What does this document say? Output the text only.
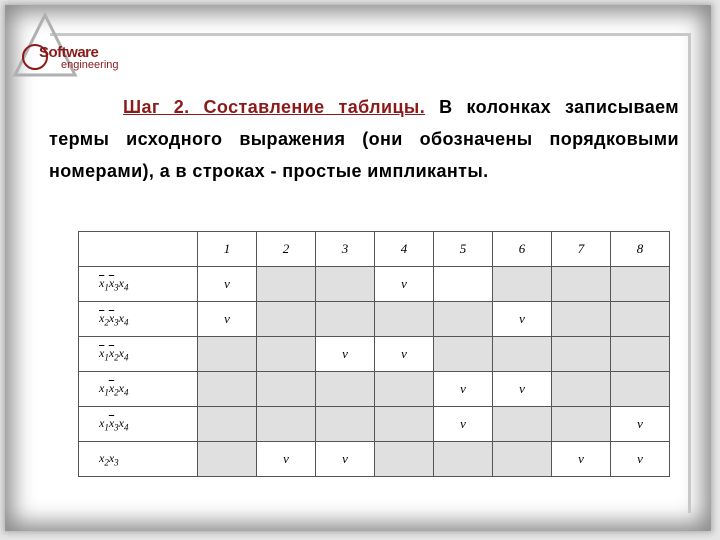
Software
engineering
Шаг 2. Составление таблицы. В колонках записываем термы исходного выражения (они обозначены порядковыми номерами), а в строках - простые импликанты.
	1	2	3	4	5	6	7	8
$\overline{x}_1\overline{x}_3x_4$	v			v				
$\overline{x}_2\overline{x}_3x_4$	v					v		
$\overline{x}_1\overline{x}_2x_4$			v	v				
$x_1\overline{x}_2x_4$					v	v		
$x_1\overline{x}_3x_4$					v			v
$x_2x_3$		v	v				v	v
